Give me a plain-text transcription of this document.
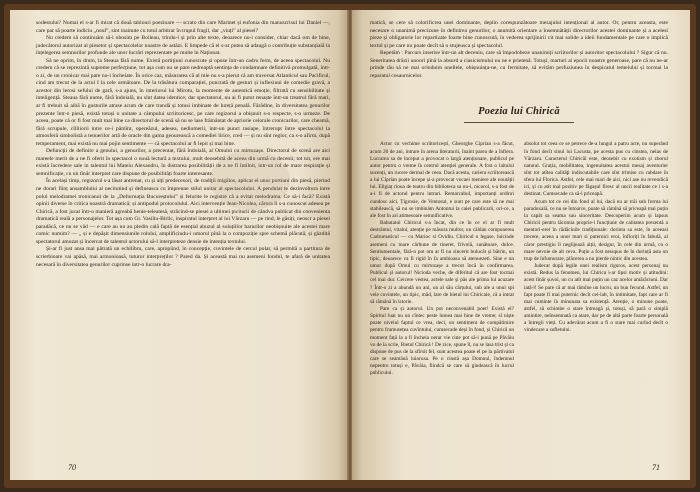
sodestului? Numai el s-ar fi mirat că două tablouri poezioare — scrato din care Marinet și eufonia din manuscrisul lui Daniel —, care par să poarte indiciu „noul”, sint inainute cu totul arbitrar în trupul fragil, dar „viuți” al piesei?

Nu credem să continuăm să-i obosim pe Boileau, trindu-l și prin alte texte, deoarece nu-i consider, chiar dacă om de bine, judecătorul autorizat al piesetor și spectacolelor noastre de astăzi. E limpede că el s-ar putea să adaugă o contribuție substanțială la înțelegerea semnurilor profunde ale unor lucrări reprezentate pe multe în Naționat.

Să ne oprim, în drum, la Steaua fără nume. Există portițiuni cunoscute și opuse într-un cadru ferm, de aceea spectacolul. Nu credem că se reprezintă supreme perfecțiune, tot așa cum nu se pare nedreaptă sentința de condamnare definitivă promulgată, intr-o zi, de un cronicar mai pare nu-i încheiate. În orice caz, măsurarea că al mie nu s-a pierut că am traversat Atlanticul sau Pacificul, cind am trecut de la actul I la cele următoare. De la trăsătura comparației, punctată de gesturi și inflexiuni de comedie gravă, a acestor din lerosi sefului de gară, s-a ajuns, în interiorul lui Mirotu, la momente de autentică emoție, filtrată cu sensibilitate și inteligență. Steaua fără nume, fără îndoială, nu sînt datea identice; dar spectatorul, nu ai fi putut renaște într-un treatrul fără mari, ar fi trebuit să aibă în gusturile atrase acum de care trandă și totusi imbinate de lureță penală. Fărădine, în diversitatea genurilor prezente într-o piesă, există totuși o unitate a câmpului scriitoricesc, pe care regizorul a obișnuit s-o respecte, s-o urmeze. De aceea, poate că or fi fost mult mai bine ca directorul de scenă să nu se lase frământat de apriorie celorale cronicarilor, care cheamă, fără scrupule, cîlliiorii intre ce-i pămînt, opereăzul, adesea, nediumerii, intr-un punct rasiape, întrerupt între spectacolul la atmosferă simbolistă a tenuerilor artă de oracle din gama genurească a comediei lirice, cred — și nu sînt reglor, ca s-o afirm, după temperament, mai există nu mai pojin sentimente — că spectacolul ar fi lepit și mai bine.

Defuncții de definire a genului, a genurilor, a precentat, fără îndoială, al Omului cu mirtozașe. Directorul de scenă are aici mareele merit de a ne fi oferit în spectacol o nouă lectură a textului, mult deosebită de aceea din urmă cu decenii; tot tot, ere mai există încredere sale in talentul lui Mateiu Alexandru, în distrarea posibilității de a ne fi întilnit, intr-un rol de mare respirație și semnificație, cu un tînăr interpret care dispune de posibilități foarte interesante.

În același timp, regizorul s-a lăsat antrenat, cu și alți predecesori, de tradiții migălos, aplicat el unor portiuni din piesă, pierind ne dorari ființ ansamblului al necitutind și defineasca cu împreune stilul unitar al spectacolului. A pendulat te dezinvoltura intre polul melodramei tronicanul de la „Deformația Bucureștului” și felurite le registre câ a evitat melodrama. Ce să-i facă? Există opinii diverse în critica noastră dramatică; și antipodul protocolului. Aici intervenție Jean-Nicolea, cărora li s-a cunoscut adesea pe Chirică, a fost jucat într-o manieră agreabă henie-teleatesă, străcind-se piesei a ultimei piciturii de cândva publicat din convenienta dramatică reală a personajelor. Tot așa cum Gr. Vasiliu-Birlic, inspiratul interpret al lui Vărzaru — pe rind, le găsiți, neoscr a piesei paradăcă, ce nu se văd — e care au nu au pledin cală faptă de esențial abuzul al soluțiilor harurilor neobișnuite ale acestei mare comic numim? — „ și e depășit dimensiunile rolului, amplificindu-i umorul pînă la o compoziție spre schemă plăcută, și găzdită spectatorul amuzat și încercat de talentul actorului să-l interpreteze densie de intenția textului.

Și-ar fi just ansa mai pătrată un echilibru, care, apropiind, în concepție, cuvintele de cercul polar, să permită a partitura de scrierbioare vai apăsă, mai armonioasă, tuturor interpreților ? Pared da. Și această mai nu asemeni fondul, te afară de unitatea necesară în diversitatea genurilor cuprinse intr-o lucrare dra-

70

matică, se cere să colorificrea unei dominante, deplin corespunzătoare mesajului intențional al autor. Or, pentru aceasta, este necesare o unanimă precizune în definirea genurilor, o anumită orientare a însemnătății directorilor acestei dominante și a acelesi pieze și obligatorie lor repartizate foarte bine cunoscută, în vederea sprijinirii cit mai solide a ideii fundamentale pe care o implică textul și pe care nu poate decît să o stujeusca și spectacolul.

Repetăm : Parcurs inserise într-un alt deceniu, care să împodobeze unanimiți scriitorilor și autoritor spectacolului ? Sigur că nu. Seneritatea drăzii unoori pînă la absurd a ciasicismului nu ne e prietenă. Totuși, marturi ai epocii noastre generoase, pare că nu ne-ar prinde rău să ne mai orinduim unellele, obișnuința-ne, cu fermitate, să evităm perfuziunea în despicatul temeiului și tocmai la reparatul cosaurnicelor.

Poezia lui Chirică

Actor cu vechime scriitoricești, Gheorghe Ciprian s-a făcut, acum 20 de ani, intrare în arena literaturii, înaint parea de a înfiera. Lucrarea sa de început a provocat o largă atenționare, publicul pe autor pentru o vreme în centrul atenției generale. A fost o laitului sucenți, un rucere dermal de ceea. Dacă acesta, cariera scriitorească a lui Ciprian poate începe și-a provocat vocaei meniere ale noutății lui. Ellgiaț rioua de teatru din biblioteca sa nu-i, nicorol, s-a fost de a-i fi de actorul pentru intrari. Remarcabul, importanți ordinri cundosc aici, Țigrosie, de Ventosul, e sunt pe care este să ne mai stabilească, să nu se imbinăm Antontui la caiei publicarii, ori-ce, a ale fost în ari atimesoare semnificative.

Bahutatul Chiricul s-a încat, din ce în ce el ar fi mult destrântul, vitalul, atenție pe măsura multor, un căldan compunerea Cadrumaticul — cu Marioc si Ovidiu. Chiricul o legase, luicinde asemeni cu mare cărbune de tineret, frivolă, sunătoare, dulce. Sentiumentale, fără-n pot om ar fi nu sincerit bulucât și bătrin, un tipic, deoarece va fi rigid în fa ambioasa să atenuezeti. Sine e un umor după Omul cu mirtozașe a trecut încă în confirmarea. Publicul și autorul! Nicioda veche, de diferitul că are fost tocmai cel mai dur. Cercere vestea, actele sale și păs ale prima lui acuzare ? Într-o zi a abundă un ani, un al său cărțului, sub ale a unul spi vele cuvintele, un tipic, măd, lare de bietul lui Chiricale, că a intrat să rămână în istorie.

Pare ca și autorul. Un pot neconvenabil poet! Există el? Spiritul luat nu un cîntec peste lumea mai bine de vreme; sî niște poate nivelul faptul ce vrea, deci, un sentiment de compătimire pentru frumusețea cuvîntului, cumsecade deși în fond, și Chirică un moment față la a fi încheia nerar vie cine pot să-i pună pe Păvăiu vo de la scrie, Bietul Chirică ! De zice, spune îl, nu se lasa trist și ca dispune de pus de la sfirsit fel, sunt acestea poate el pe la părtivatul care se seamănă luiorusa. Pe o cinstă așa Domnul, îndemnul nepentru totuși e, Păvăia, fiindcă se care să gindească în lucrul publicului.

absolut tot ceea ce se petrece de-a lungul a patru acte, nu superând în fond decît sinul lui Lacusta, pe acesta pus cu cinstea, nelas de Vărzaru. Caracterul Chiricăi este, deosebit cu exotism și zborul natural. Grația, mobilitatea, ingenuitatea acestui mesaj aventurier sînt tot atîtea calităţi indiscutabile care sînt trimise cu rabdare în sfera lui Florica. Astfel, cele mai mari de aici, nici ase nu revendică ici, și cu atit mai pozitiv pe făgașul firesc al uncii realitate ce i s-a destinat. Cumsecade ca să-l priceapă.

Acum tot ce cei din fond al lui, dacă nu ar trăi sub forma lui paradoxală, ce nu se întoarce, poate să rămînă să priceapă mai puțin la capăt sa seama sau sinceritate. Descoperim acum și lapsus Chiricii pentru lăcomia proprie-i funcțiune de calitatea prezentă a mentori-erei în rădăcinile tradiționale: dorinta sa este, în aceeasi trecere, aceea a unor mari si puternici eroi, înfloriți în fabulă, al căror prestigiu îl neglijează alții, desigur, în cele din urmă, cu o mare nevoie de alt ceva. Puțin a fost nesupus de în dorință asta un trup de înfumurare, plăcerea a nu pierde nimic din acestea.

Judecat după legile unei realism riguros, acest personaj nu există. Redus la fenomen, lui Chirica i-ar lipsi motiv și atitudini: acest tînăr șuvoi, un cu atît mai puțin un caz acelor amărăciuni. Dar iată-l! Se pare că ar mai rămîne un lucru, un bun fecund. Astfel, un fapt poate fi mai puternic decît cel-lalt, în intimitate, fapt care ar fi mai cuminte în minunata sa existență. Atenție, o minune poate, astfel, să schimbe o stare întreagă și, totuși, să pară o simplă amintire, neînsemnată ca atare, dar pe de altă parte foarte personală a întregii vieți. Cu adevărat acum a fi o stare mai curînd decît o vindecare a sufletului.

71
